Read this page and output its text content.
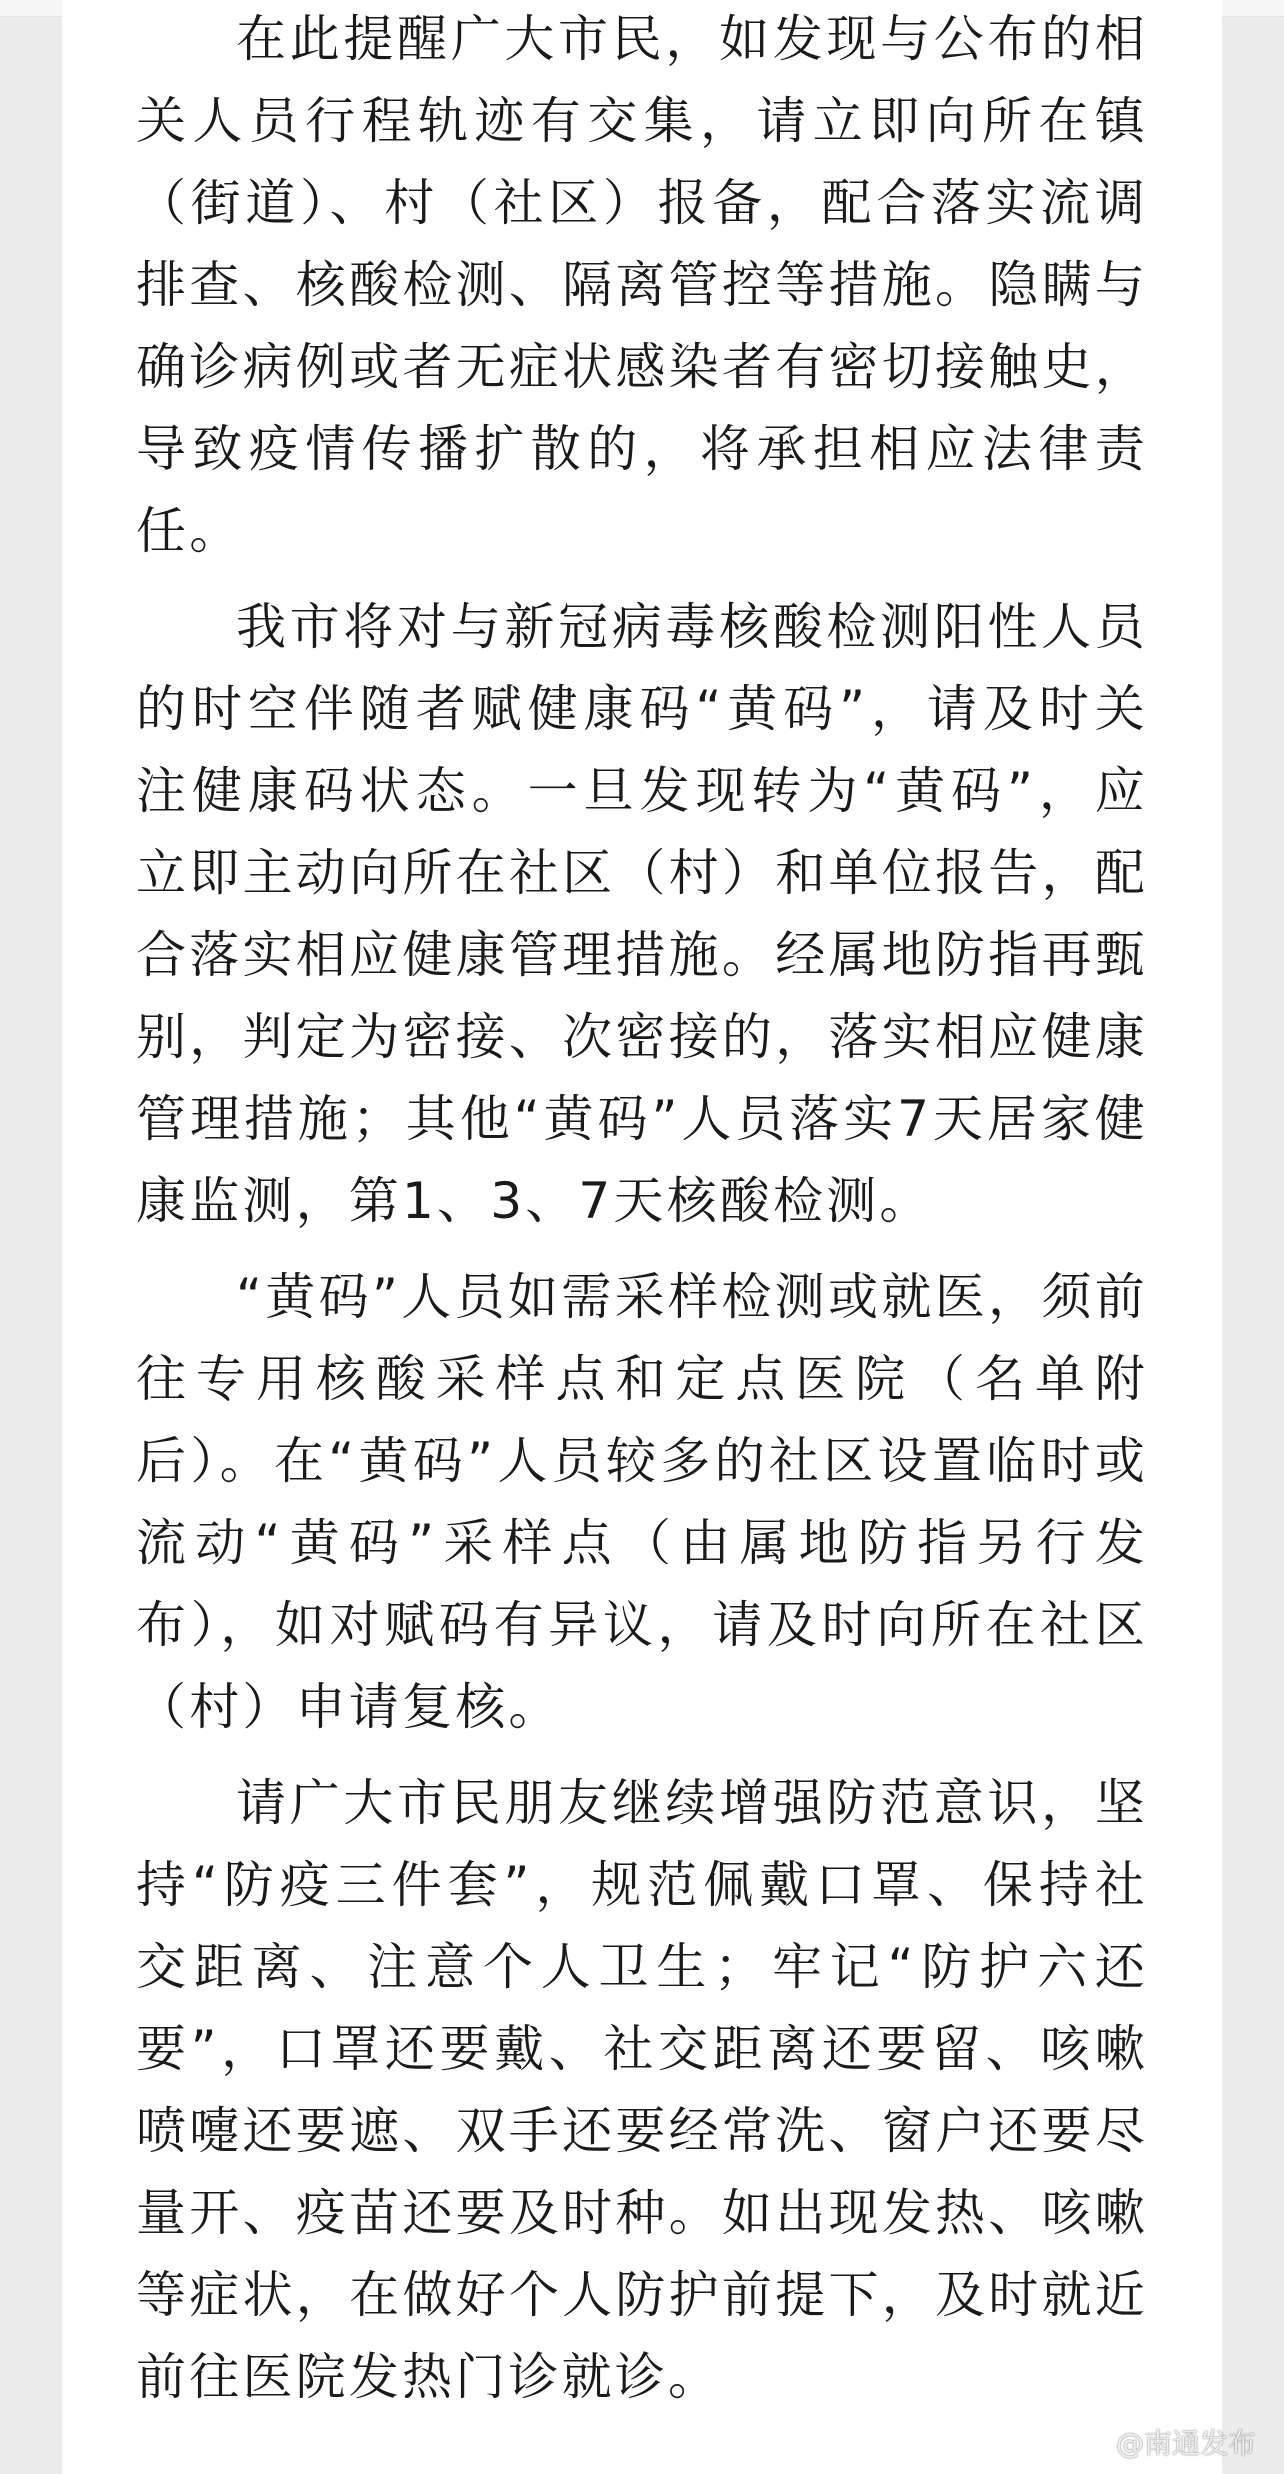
在此提醒广大市民，如发现与公布的相关人员行程轨迹有交集，请立即向所在镇（街道）、村（社区）报备，配合落实流调排查、核酸检测、隔离管控等措施。隐瞒与确诊病例或者无症状感染者有密切接触史，导致疫情传播扩散的，将承担相应法律责任。

我市将对与新冠病毒核酸检测阳性人员的时空伴随者赋健康码“黄码”，请及时关注健康码状态。一旦发现转为“黄码”，应立即主动向所在社区（村）和单位报告，配合落实相应健康管理措施。经属地防指再甄别，判定为密接、次密接的，落实相应健康管理措施；其他“黄码”人员落实7天居家健康监测，第1、3、7天核酸检测。

“黄码”人员如需采样检测或就医，须前往专用核酸采样点和定点医院（名单附后）。在“黄码”人员较多的社区设置临时或流动“黄码”采样点（由属地防指另行发布），如对赋码有异议，请及时向所在社区（村）申请复核。

请广大市民朋友继续增强防范意识，坚持“防疫三件套”，规范佩戴口罩、保持社交距离、注意个人卫生；牢记“防护六还要”，口罩还要戴、社交距离还要留、咳嗽喷嚏还要遮、双手还要经常洗、窗户还要尽量开、疫苗还要及时种。如出现发热、咳嗽等症状，在做好个人防护前提下，及时就近前往医院发热门诊就诊。

@南通发布
